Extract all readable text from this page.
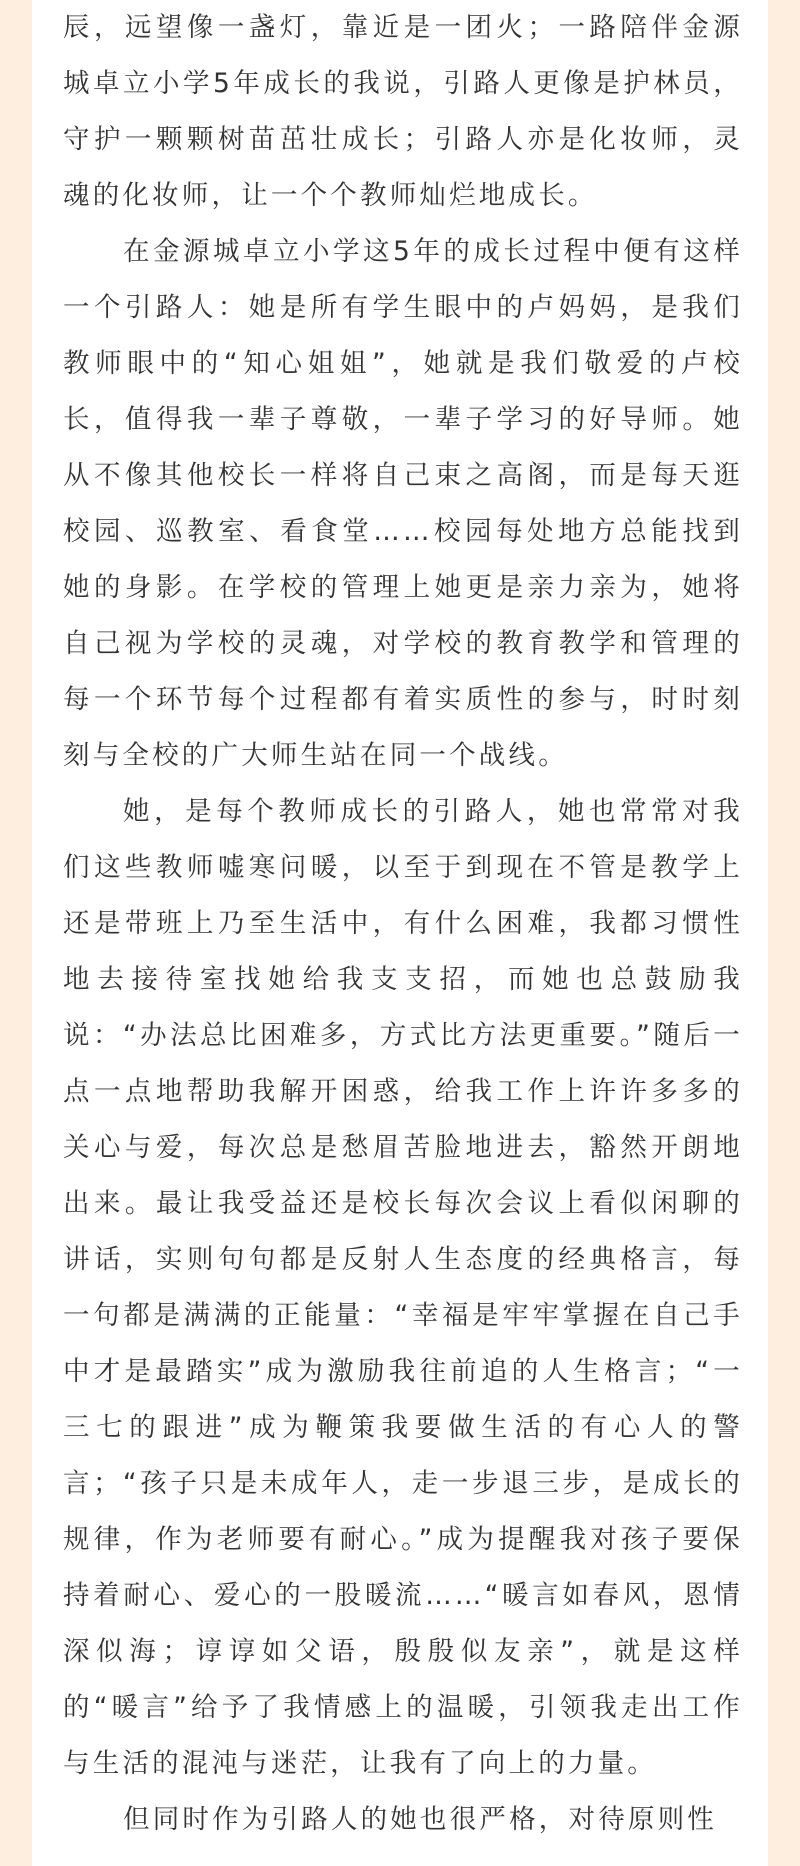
辰，远望像一盏灯，靠近是一团火；一路陪伴金源城卓立小学5年成长的我说，引路人更像是护林员，守护一颗颗树苗茁壮成长；引路人亦是化妆师，灵魂的化妆师，让一个个教师灿烂地成长。

在金源城卓立小学这5年的成长过程中便有这样一个引路人：她是所有学生眼中的卢妈妈，是我们教师眼中的“知心姐姐”，她就是我们敬爱的卢校长，值得我一辈子尊敬，一辈子学习的好导师。她从不像其他校长一样将自己束之高阁，而是每天逛校园、巡教室、看食堂……校园每处地方总能找到她的身影。在学校的管理上她更是亲力亲为，她将自己视为学校的灵魂，对学校的教育教学和管理的每一个环节每个过程都有着实质性的参与，时时刻刻与全校的广大师生站在同一个战线。

她，是每个教师成长的引路人，她也常常对我们这些教师嘘寒问暖，以至于到现在不管是教学上还是带班上乃至生活中，有什么困难，我都习惯性地去接待室找她给我支支招，而她也总鼓励我说：“办法总比困难多，方式比方法更重要。”随后一点一点地帮助我解开困惑，给我工作上许许多多的关心与爱，每次总是愁眉苦脸地进去，豁然开朗地出来。最让我受益还是校长每次会议上看似闲聊的讲话，实则句句都是反射人生态度的经典格言，每一句都是满满的正能量：“幸福是牢牢掌握在自己手中才是最踏实”成为激励我往前追的人生格言；“一三七的跟进”成为鞭策我要做生活的有心人的警言；“孩子只是未成年人，走一步退三步，是成长的规律，作为老师要有耐心。”成为提醒我对孩子要保持着耐心、爱心的一股暖流……“暖言如春风，恩情深似海；谆谆如父语，殷殷似友亲”，就是这样的“暖言”给予了我情感上的温暖，引领我走出工作与生活的混沌与迷茫，让我有了向上的力量。

但同时作为引路人的她也很严格，对待原则性
